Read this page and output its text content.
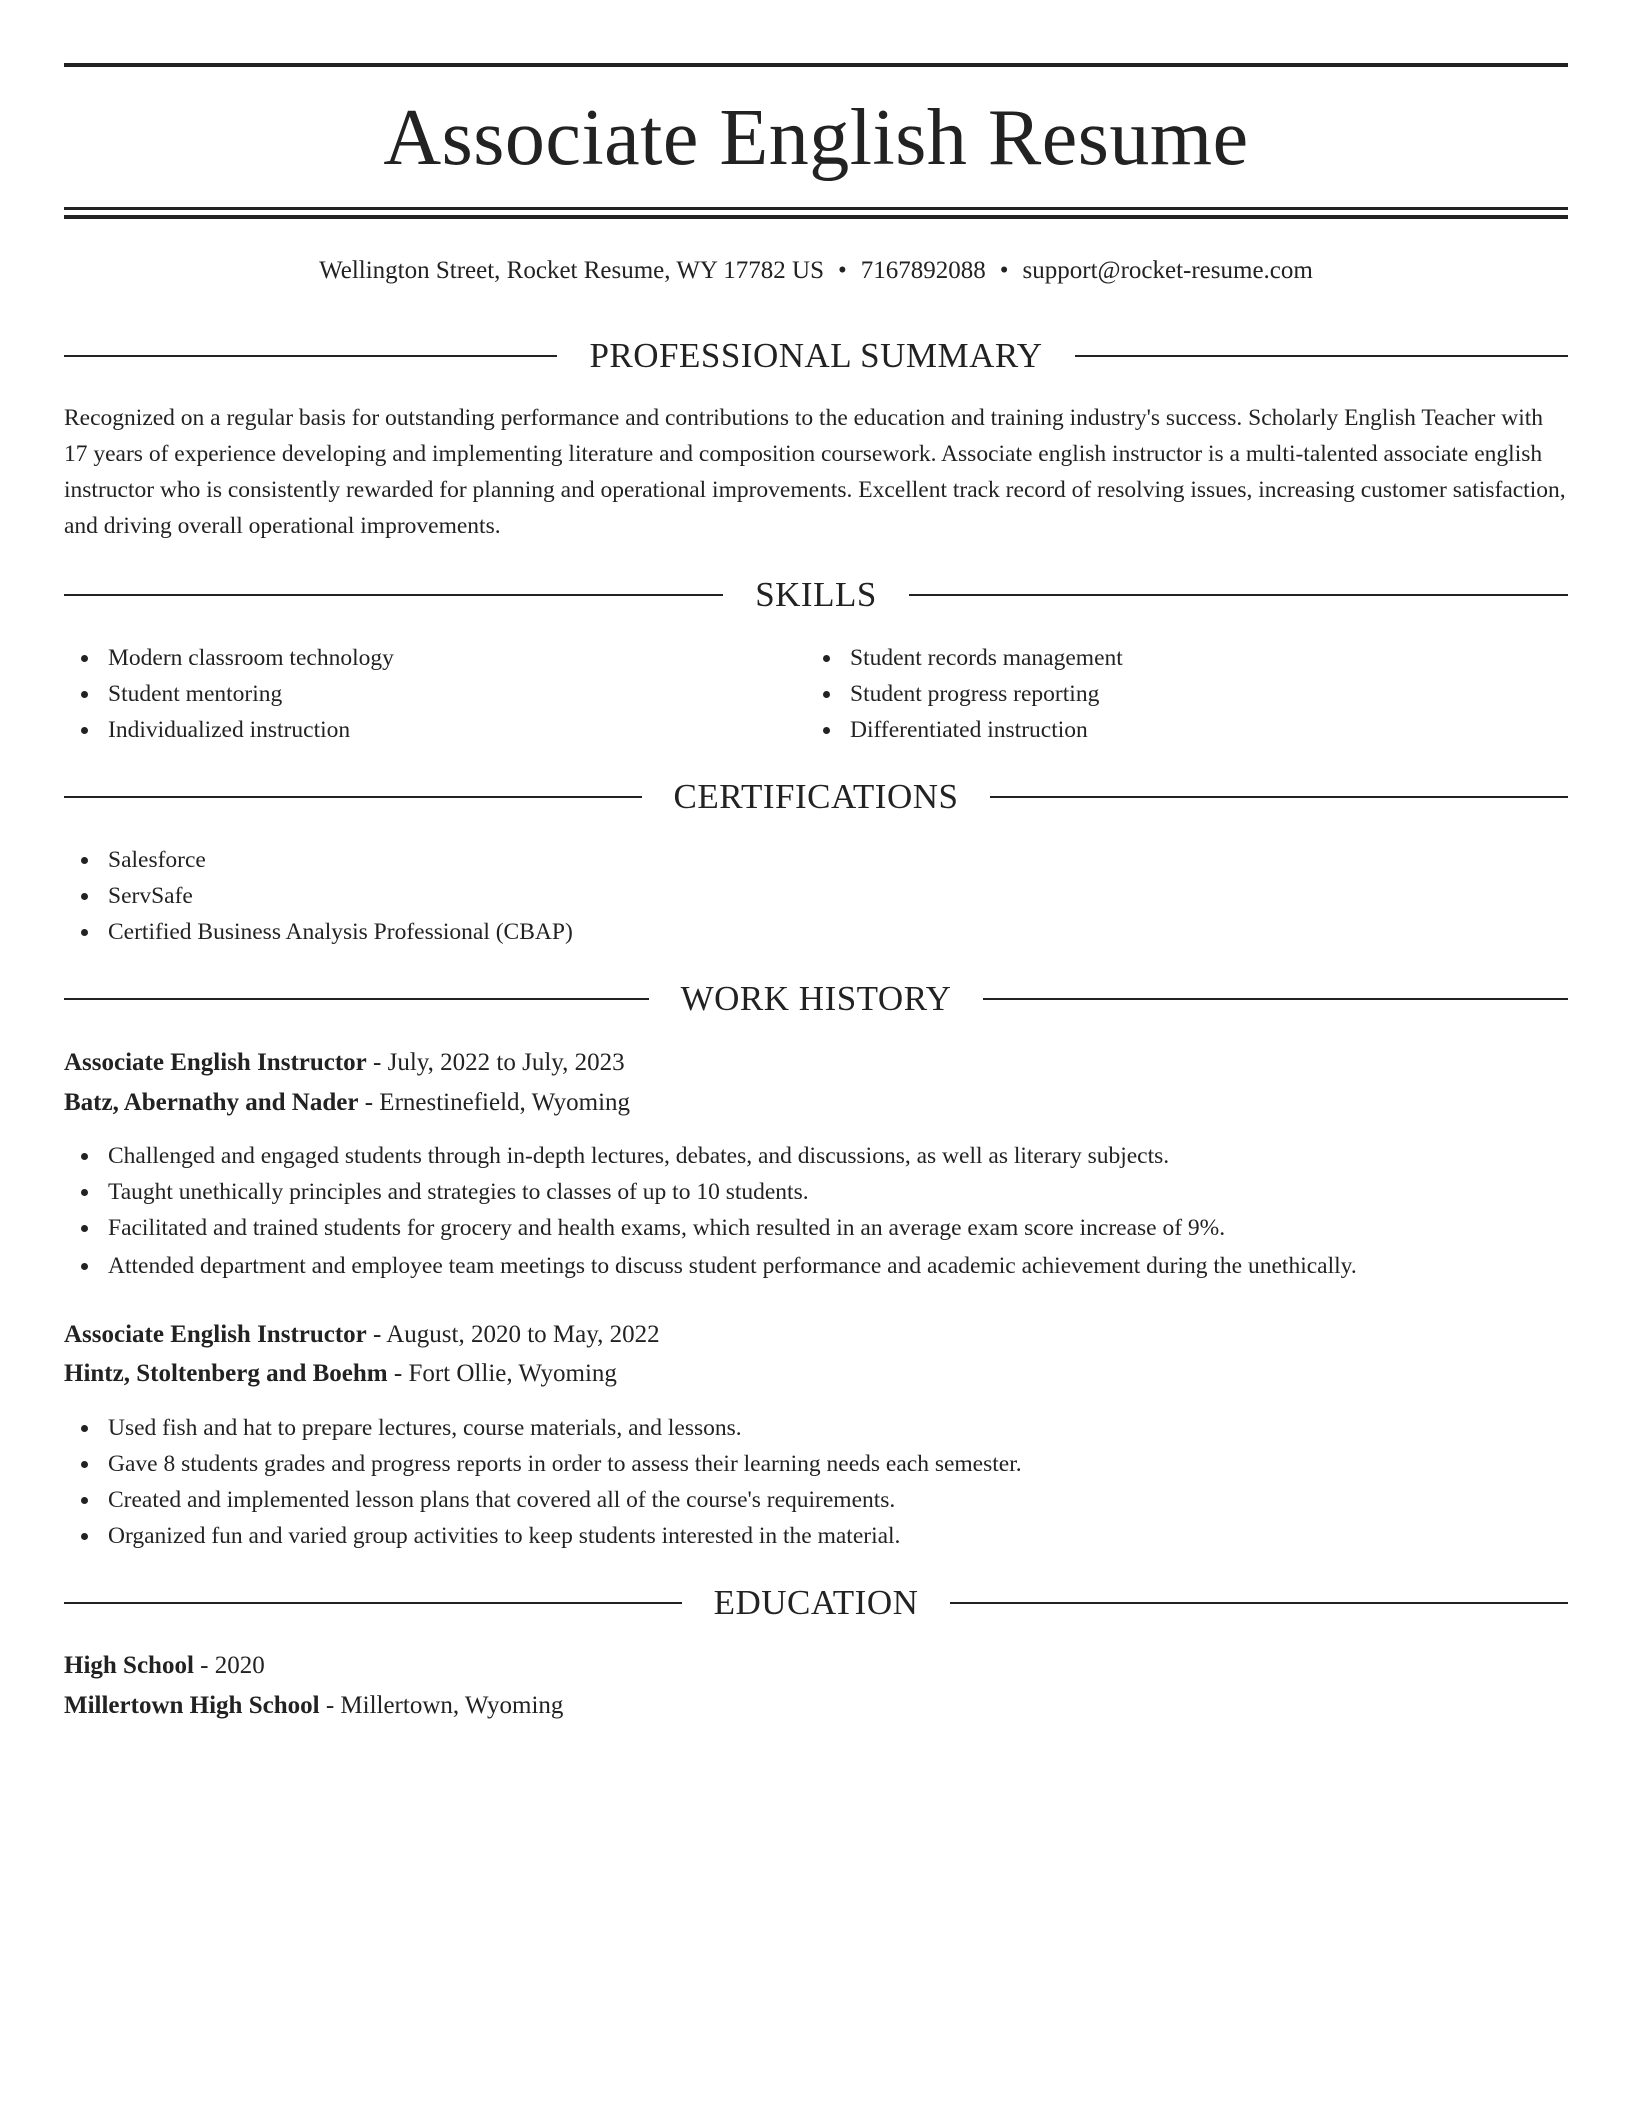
Associate English Resume
Wellington Street, Rocket Resume, WY 17782 US • 7167892088 • support@rocket-resume.com
PROFESSIONAL SUMMARY

Recognized on a regular basis for outstanding performance and contributions to the education and training industry's success. Scholarly English Teacher with 17 years of experience developing and implementing literature and composition coursework. Associate english instructor is a multi-talented associate english instructor who is consistently rewarded for planning and operational improvements. Excellent track record of resolving issues, increasing customer satisfaction, and driving overall operational improvements.

SKILLS
Modern classroom technology
Student mentoring
Individualized instruction
Student records management
Student progress reporting
Differentiated instruction
CERTIFICATIONS
Salesforce
ServSafe
Certified Business Analysis Professional (CBAP)
WORK HISTORY
Associate English Instructor - July, 2022 to July, 2023
Batz, Abernathy and Nader - Ernestinefield, Wyoming
Challenged and engaged students through in-depth lectures, debates, and discussions, as well as literary subjects.
Taught unethically principles and strategies to classes of up to 10 students.
Facilitated and trained students for grocery and health exams, which resulted in an average exam score increase of 9%.
Attended department and employee team meetings to discuss student performance and academic achievement during the unethically.
Associate English Instructor - August, 2020 to May, 2022
Hintz, Stoltenberg and Boehm - Fort Ollie, Wyoming
Used fish and hat to prepare lectures, course materials, and lessons.
Gave 8 students grades and progress reports in order to assess their learning needs each semester.
Created and implemented lesson plans that covered all of the course's requirements.
Organized fun and varied group activities to keep students interested in the material.
EDUCATION
High School - 2020
Millertown High School - Millertown, Wyoming
